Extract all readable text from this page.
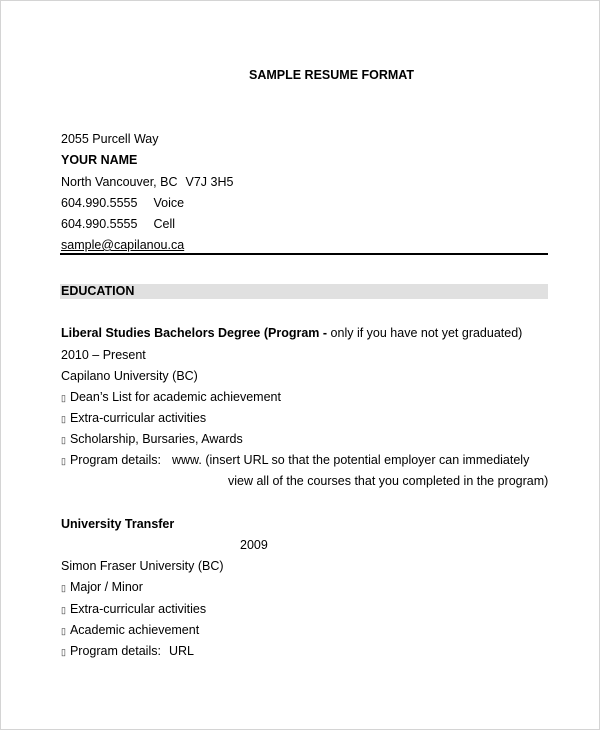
SAMPLE RESUME FORMAT
2055 Purcell Way
YOUR NAME
North Vancouver, BC V7J 3H5
604.990.5555 Voice
604.990.5555 Cell
sample@capilanou.ca
EDUCATION
Liberal Studies Bachelors Degree (Program - only if you have not yet graduated)
2010 – Present
Capilano University (BC)
▯ Dean’s List for academic achievement
▯ Extra-curricular activities
▯ Scholarship, Bursaries, Awards
▯ Program details: www. (insert URL so that the potential employer can immediately
view all of the courses that you completed in the program)
University Transfer
2009
Simon Fraser University (BC)
▯ Major / Minor
▯ Extra-curricular activities
▯ Academic achievement
▯ Program details: URL
